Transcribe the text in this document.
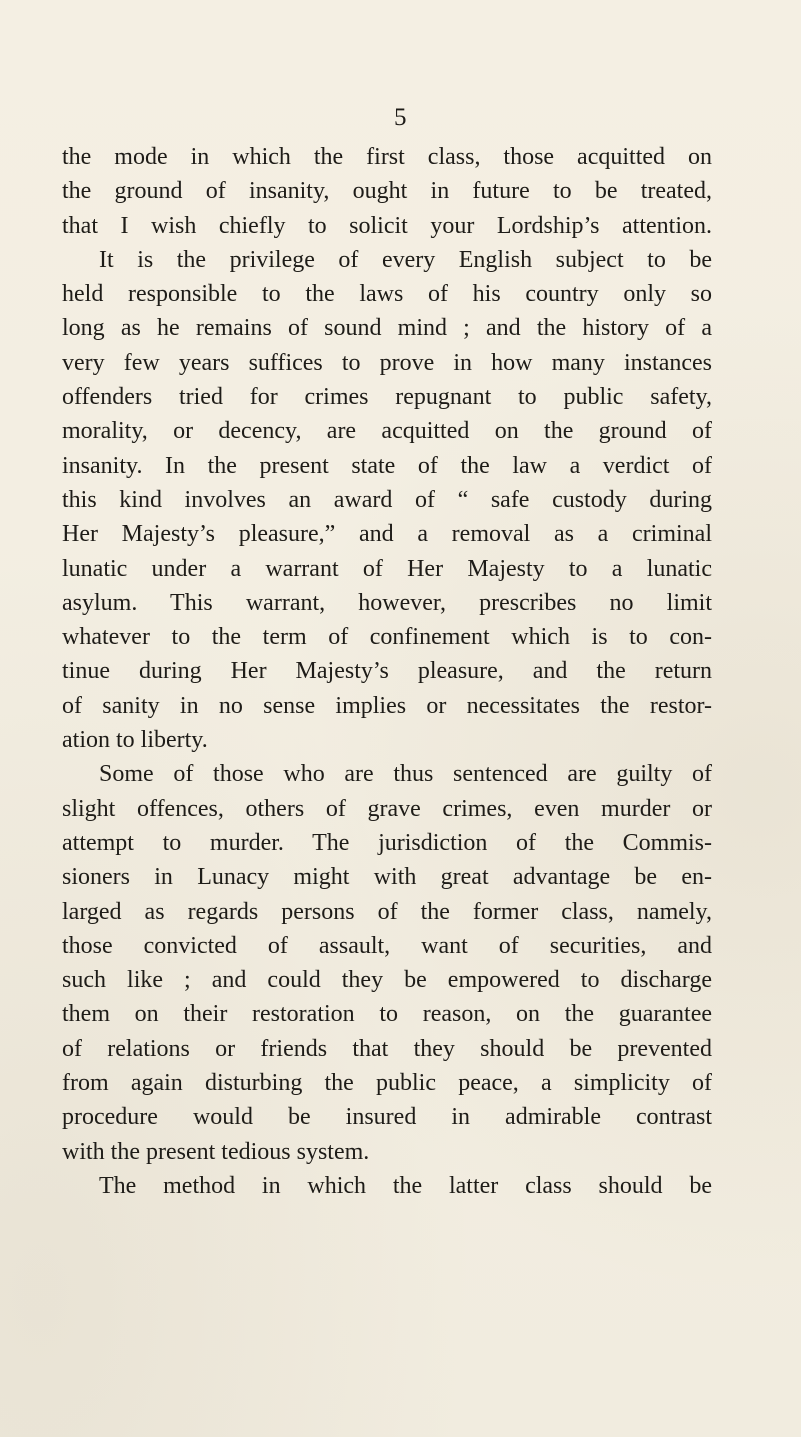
5
the mode in which the first class, those acquitted on
the ground of insanity, ought in future to be treated,
that I wish chiefly to solicit your Lordship’s attention.
It is the privilege of every English subject to be
held responsible to the laws of his country only so
long as he remains of sound mind ; and the history of a
very few years suffices to prove in how many instances
offenders tried for crimes repugnant to public safety,
morality, or decency, are acquitted on the ground of
insanity. In the present state of the law a verdict of
this kind involves an award of “ safe custody during
Her Majesty’s pleasure,” and a removal as a criminal
lunatic under a warrant of Her Majesty to a lunatic
asylum. This warrant, however, prescribes no limit
whatever to the term of confinement which is to con-
tinue during Her Majesty’s pleasure, and the return
of sanity in no sense implies or necessitates the restor-
ation to liberty.
Some of those who are thus sentenced are guilty of
slight offences, others of grave crimes, even murder or
attempt to murder. The jurisdiction of the Commis-
sioners in Lunacy might with great advantage be en-
larged as regards persons of the former class, namely,
those convicted of assault, want of securities, and
such like ; and could they be empowered to discharge
them on their restoration to reason, on the guarantee
of relations or friends that they should be prevented
from again disturbing the public peace, a simplicity of
procedure would be insured in admirable contrast
with the present tedious system.
The method in which the latter class should be
